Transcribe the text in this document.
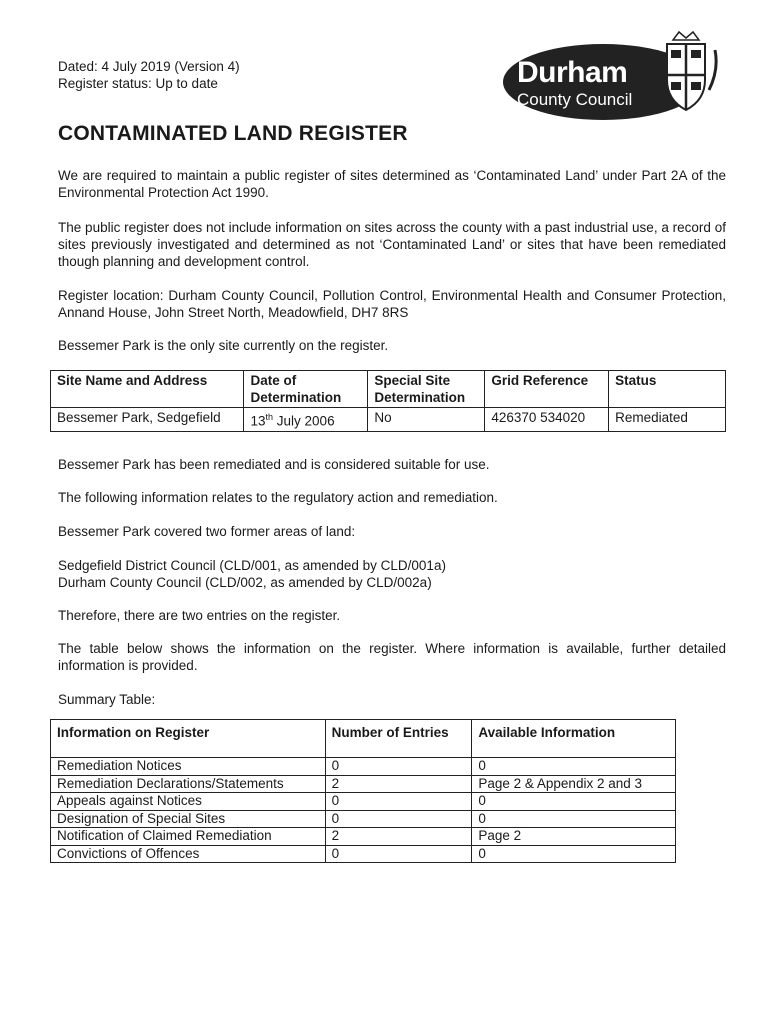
Dated: 4 July 2019 (Version 4)
Register status: Up to date	Durham
County Council
CONTAMINATED LAND REGISTER

We are required to maintain a public register of sites determined as ‘Contaminated Land’ under Part 2A of the Environmental Protection Act 1990.

The public register does not include information on sites across the county with a past industrial use, a record of sites previously investigated and determined as not ‘Contaminated Land’ or sites that have been remediated though planning and development control.

Register location: Durham County Council, Pollution Control, Environmental Health and Consumer Protection, Annand House, John Street North, Meadowfield, DH7 8RS

Bessemer Park is the only site currently on the register.

Site Name and Address	Date of Determination	Special Site Determination	Grid Reference	Status
Bessemer Park, Sedgefield	13th July 2006	No	426370 534020	Remediated

Bessemer Park has been remediated and is considered suitable for use.

The following information relates to the regulatory action and remediation.

Bessemer Park covered two former areas of land:

Sedgefield District Council (CLD/001, as amended by CLD/001a)

Durham County Council (CLD/002, as amended by CLD/002a)

Therefore, there are two entries on the register.

The table below shows the information on the register. Where information is available, further detailed information is provided.

Summary Table:

Information on Register	Number of Entries	Available Information
Remediation Notices	0	0
Remediation Declarations/Statements	2	Page 2 & Appendix 2 and 3
Appeals against Notices	0	0
Designation of Special Sites	0	0
Notification of Claimed Remediation	2	Page 2
Convictions of Offences	0	0
